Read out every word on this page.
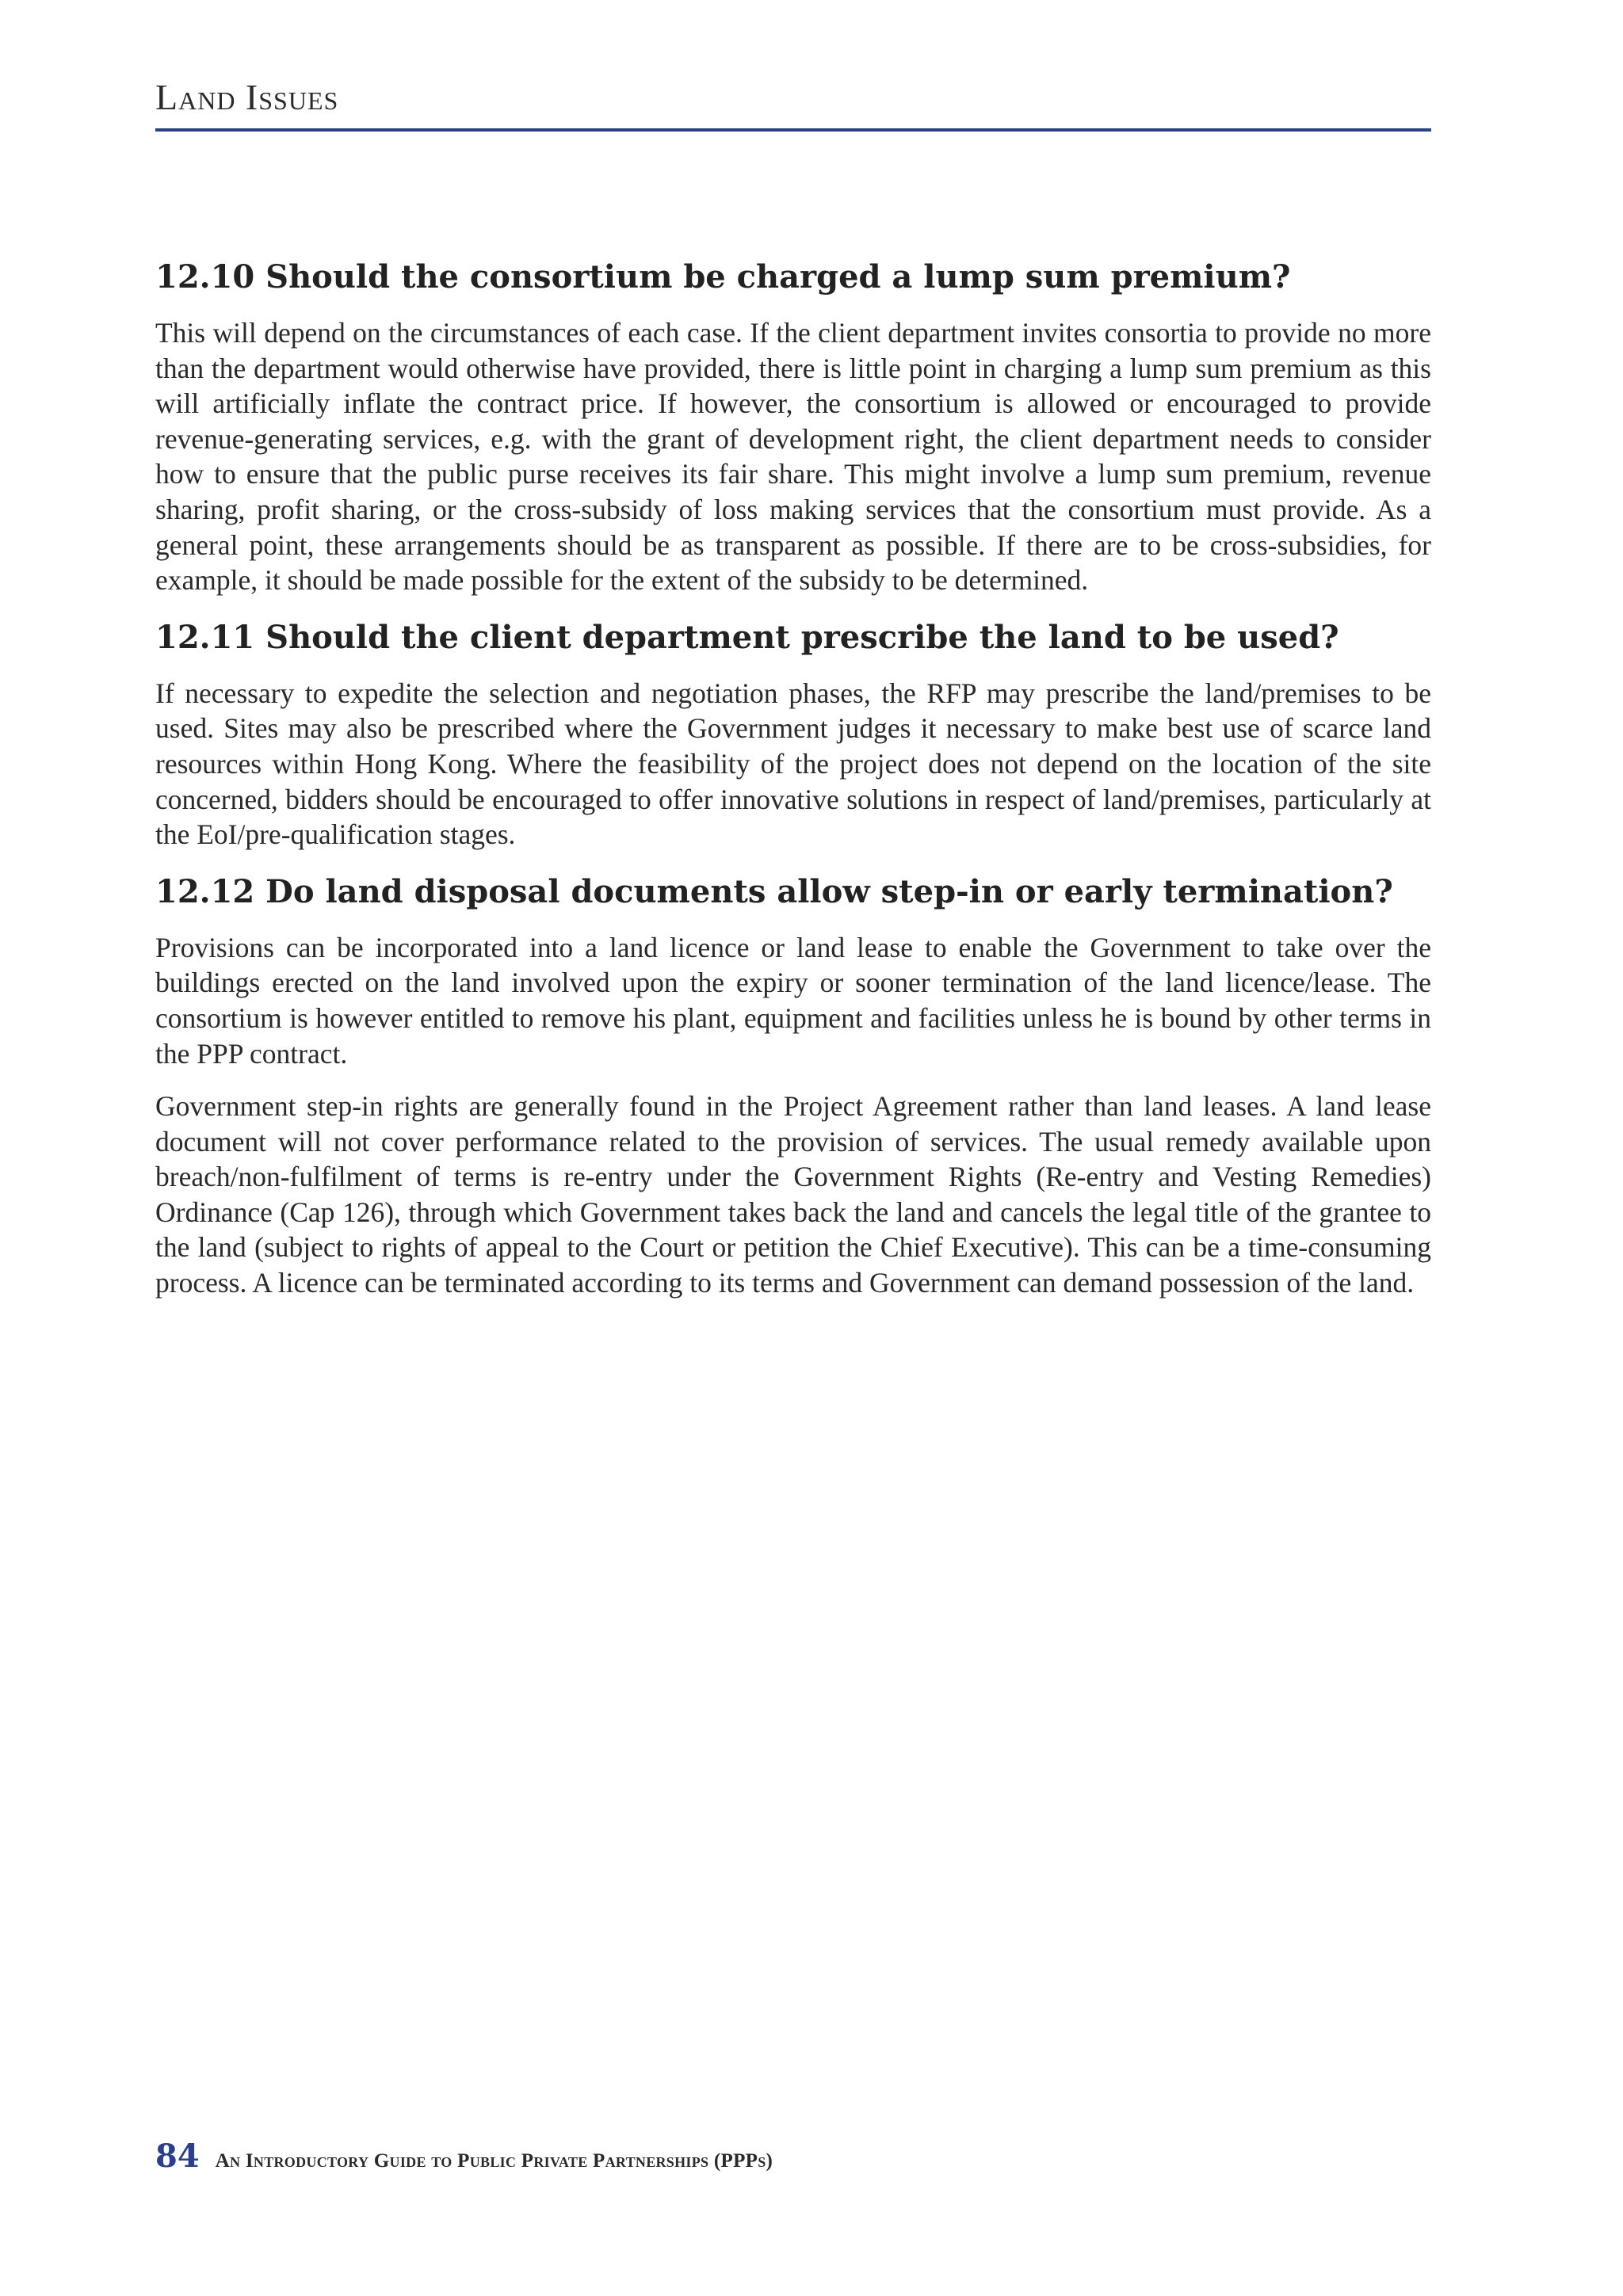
Land Issues
12.10 Should the consortium be charged a lump sum premium?

This will depend on the circumstances of each case. If the client department invites consortia to provide no more than the department would otherwise have provided, there is little point in charging a lump sum premium as this will artificially inflate the contract price. If however, the consortium is allowed or encouraged to provide revenue-generating services, e.g. with the grant of development right, the client department needs to consider how to ensure that the public purse receives its fair share. This might involve a lump sum premium, revenue sharing, profit sharing, or the cross-subsidy of loss making services that the consortium must provide. As a general point, these arrangements should be as transparent as possible. If there are to be cross-subsidies, for example, it should be made possible for the extent of the subsidy to be determined.

12.11 Should the client department prescribe the land to be used?

If necessary to expedite the selection and negotiation phases, the RFP may prescribe the land/premises to be used. Sites may also be prescribed where the Government judges it necessary to make best use of scarce land resources within Hong Kong. Where the feasibility of the project does not depend on the location of the site concerned, bidders should be encouraged to offer innovative solutions in respect of land/premises, particularly at the EoI/pre-qualification stages.

12.12 Do land disposal documents allow step-in or early termination?

Provisions can be incorporated into a land licence or land lease to enable the Government to take over the buildings erected on the land involved upon the expiry or sooner termination of the land licence/lease. The consortium is however entitled to remove his plant, equipment and facilities unless he is bound by other terms in the PPP contract.

Government step-in rights are generally found in the Project Agreement rather than land leases. A land lease document will not cover performance related to the provision of services. The usual remedy available upon breach/non-fulfilment of terms is re-entry under the Government Rights (Re-entry and Vesting Remedies) Ordinance (Cap 126), through which Government takes back the land and cancels the legal title of the grantee to the land (subject to rights of appeal to the Court or petition the Chief Executive). This can be a time-consuming process. A licence can be terminated according to its terms and Government can demand possession of the land.

84 An Introductory Guide to Public Private Partnerships (PPPs)
